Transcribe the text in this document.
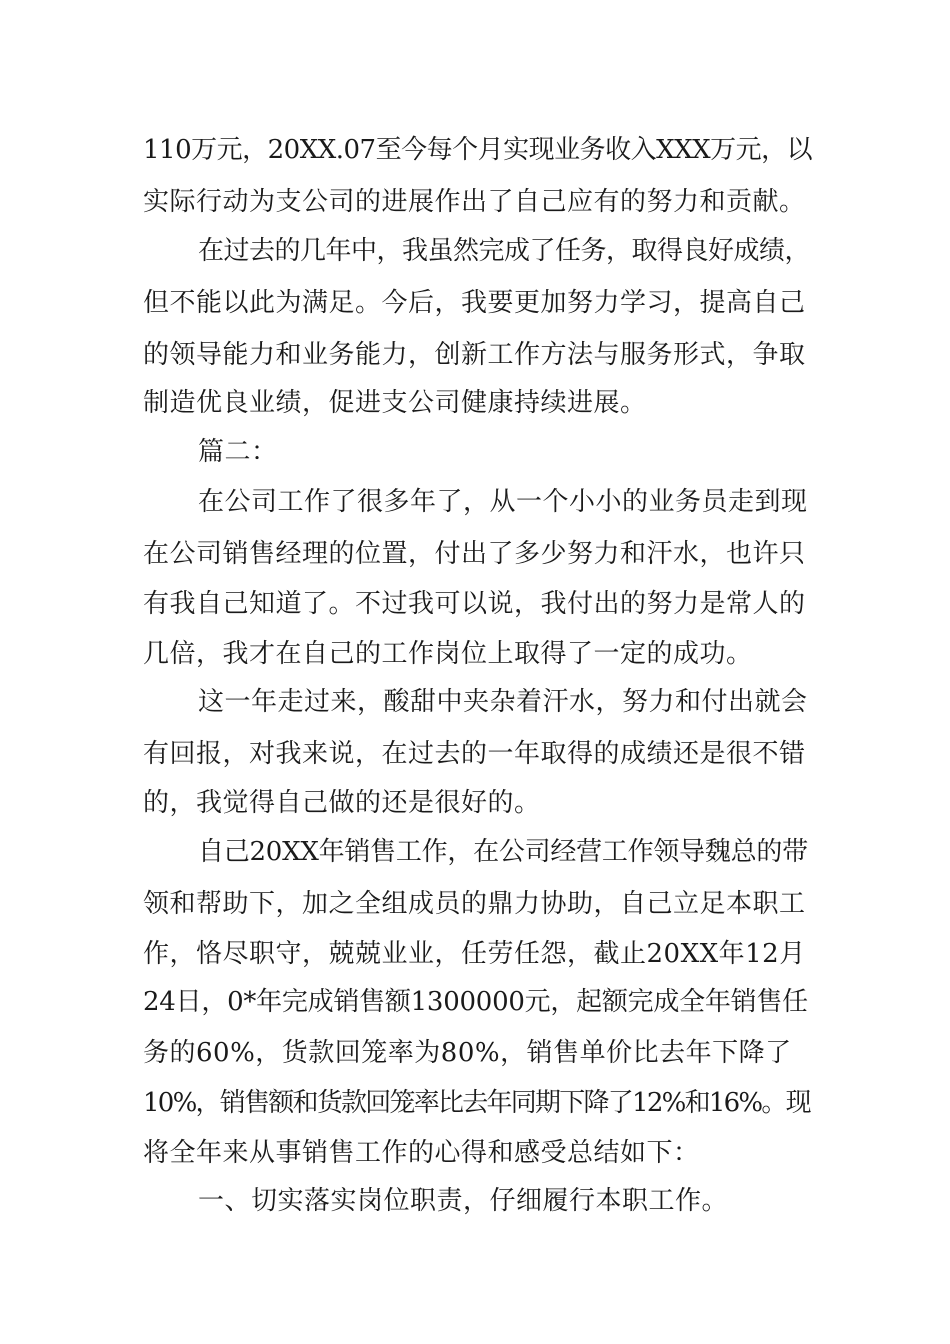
110万元，20XX.07至今每个月实现业务收入XXX万元，以
实际行动为支公司的进展作出了自己应有的努力和贡献。
在过去的几年中，我虽然完成了任务，取得良好成绩，
但不能以此为满足。今后，我要更加努力学习，提高自己
的领导能力和业务能力，创新工作方法与服务形式，争取
制造优良业绩，促进支公司健康持续进展。
篇二：
在公司工作了很多年了，从一个小小的业务员走到现
在公司销售经理的位置，付出了多少努力和汗水，也许只
有我自己知道了。不过我可以说，我付出的努力是常人的
几倍，我才在自己的工作岗位上取得了一定的成功。
这一年走过来，酸甜中夹杂着汗水，努力和付出就会
有回报，对我来说，在过去的一年取得的成绩还是很不错
的，我觉得自己做的还是很好的。
自己20XX年销售工作，在公司经营工作领导魏总的带
领和帮助下，加之全组成员的鼎力协助，自己立足本职工
作，恪尽职守，兢兢业业，任劳任怨，截止20XX年12月
24日，0*年完成销售额1300000元，起额完成全年销售任
务的60%，货款回笼率为80%，销售单价比去年下降了
10%，销售额和货款回笼率比去年同期下降了12%和16%。现
将全年来从事销售工作的心得和感受总结如下：
一、切实落实岗位职责，仔细履行本职工作。
